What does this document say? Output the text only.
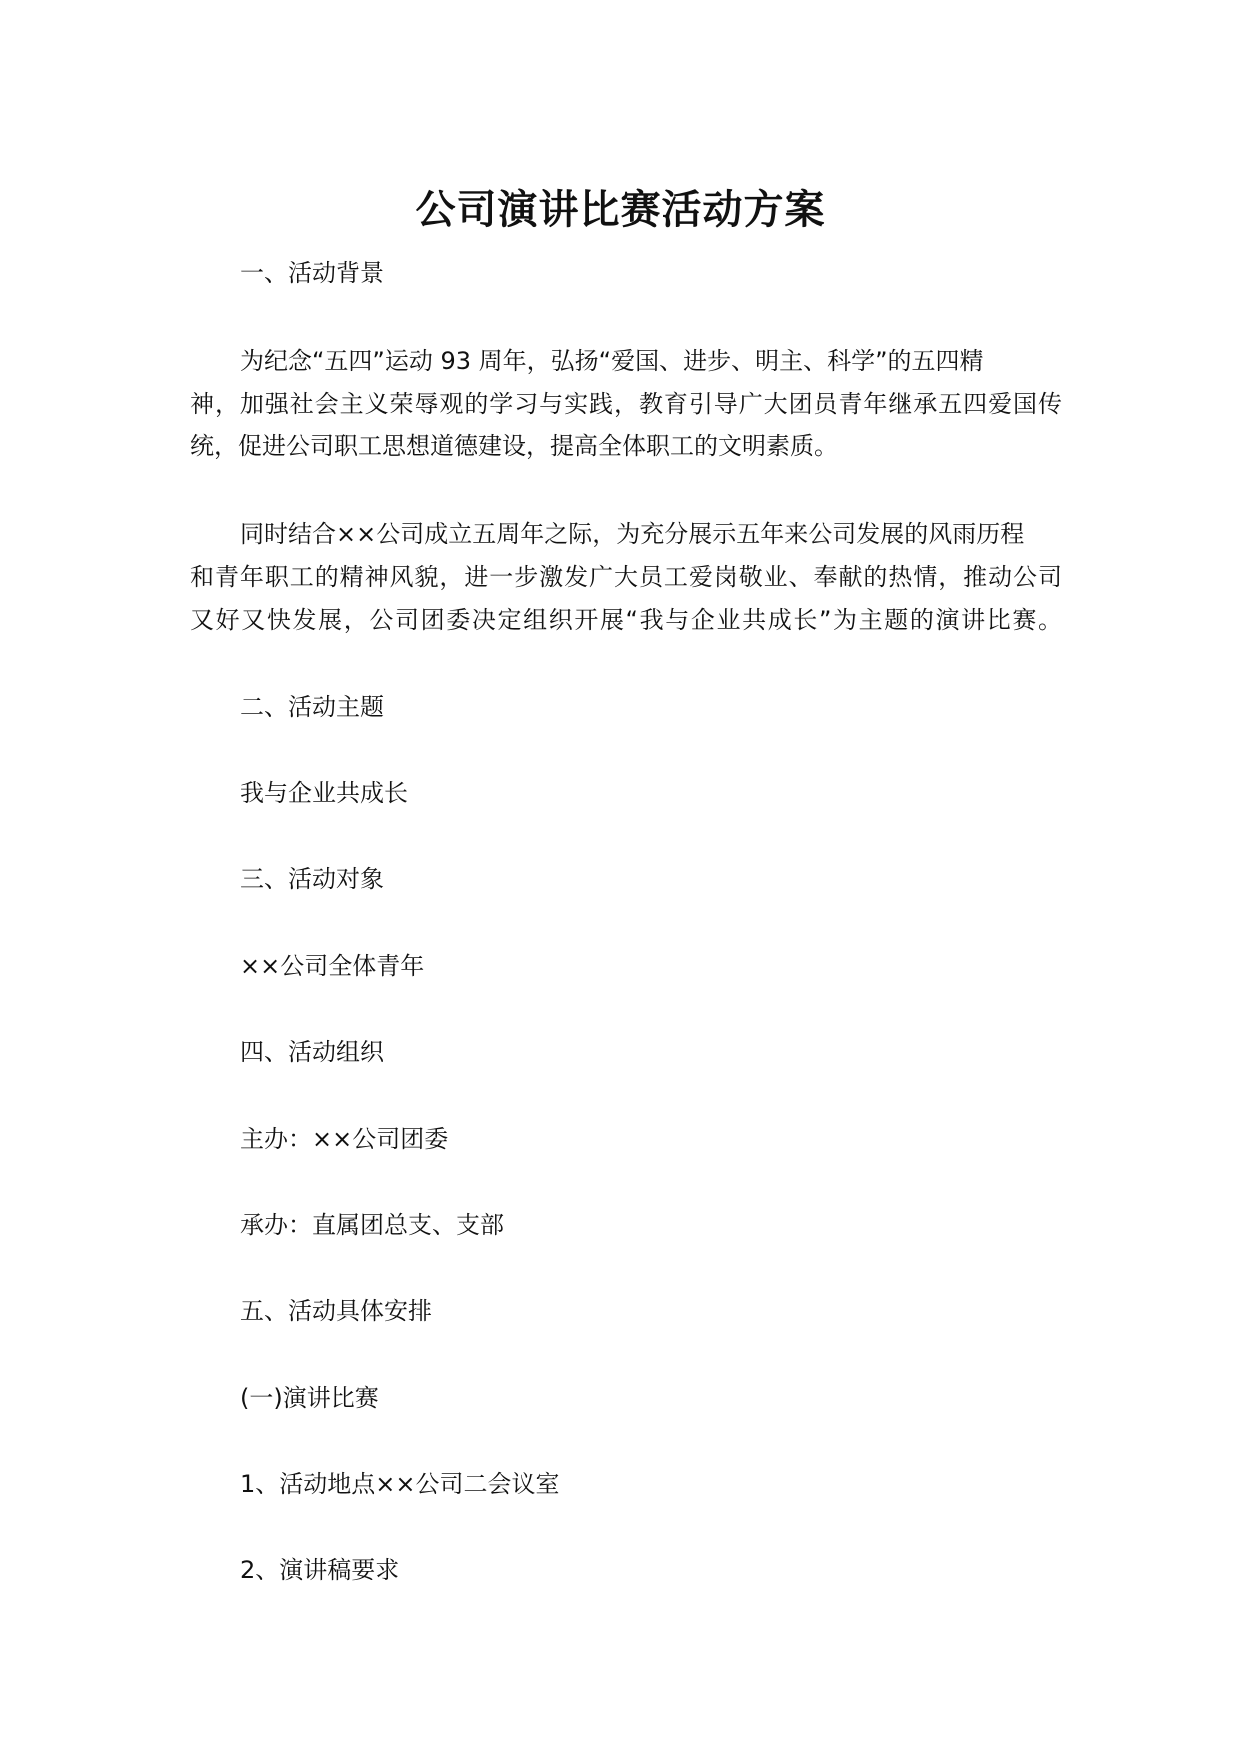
公司演讲比赛活动方案
一、活动背景
为纪念“五四”运动 93 周年，弘扬“爱国、进步、明主、科学”的五四精
神，加强社会主义荣辱观的学习与实践，教育引导广大团员青年继承五四爱国传
统，促进公司职工思想道德建设，提高全体职工的文明素质。
同时结合××公司成立五周年之际，为充分展示五年来公司发展的风雨历程
和青年职工的精神风貌，进一步激发广大员工爱岗敬业、奉献的热情，推动公司
又好又快发展，公司团委决定组织开展“我与企业共成长”为主题的演讲比赛。
二、活动主题
我与企业共成长
三、活动对象
××公司全体青年
四、活动组织
主办：××公司团委
承办：直属团总支、支部
五、活动具体安排
(一)演讲比赛
1、活动地点××公司二会议室
2、演讲稿要求
